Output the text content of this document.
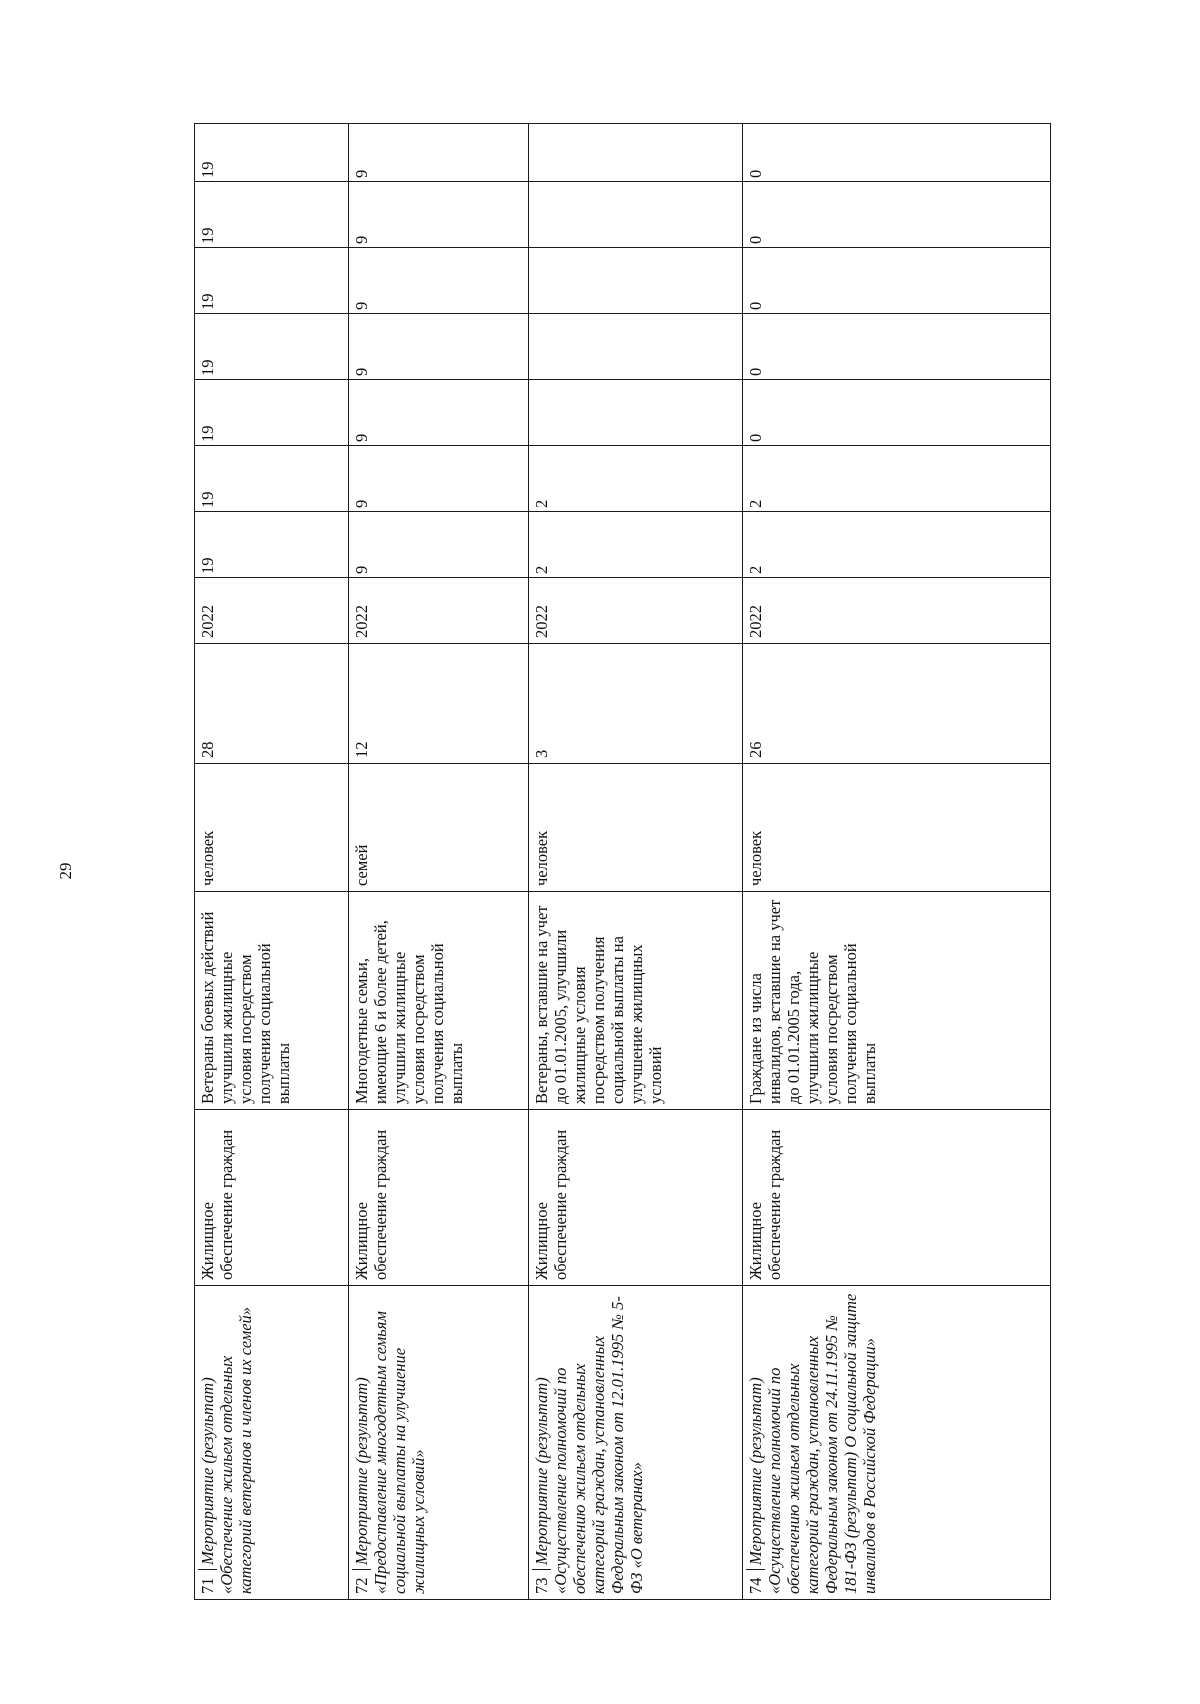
29
71Мероприятие (результат) «Обеспечение жильем отдельных категорий ветеранов и членов их семей»	Жилищное обеспечение граждан	Ветераны боевых действий улучшили жилищные условия посредством получения социальной выплаты	человек	28	2022	19	19	19	19	19	19	19
72Мероприятие (результат) «Предоставление многодетным семьям социальной выплаты на улучшение жилищных условий»	Жилищное обеспечение граждан	Многодетные семьи, имеющие 6 и более детей, улучшили жилищные условия посредством получения социальной выплаты	семей	12	2022	9	9	9	9	9	9	9
73Мероприятие (результат) «Осуществление полномочий по обеспечению жильем отдельных категорий граждан, установленных Федеральным законом от 12.01.1995 № 5-ФЗ «О ветеранах»	Жилищное обеспечение граждан	Ветераны, вставшие на учет до 01.01.2005, улучшили жилищные условия посредством получения социальной выплаты на улучшение жилищных условий	человек	3	2022	2	2					
74Мероприятие (результат) «Осуществление полномочий по обеспечению жильем отдельных категорий граждан, установленных Федеральным законом от 24.11.1995 № 181-ФЗ (результат) О социальной защите инвалидов в Российской Федерации»	Жилищное обеспечение граждан	Граждане из числа инвалидов, вставшие на учет до 01.01.2005 года, улучшили жилищные условия посредством получения социальной выплаты	человек	26	2022	2	2	0	0	0	0	0
